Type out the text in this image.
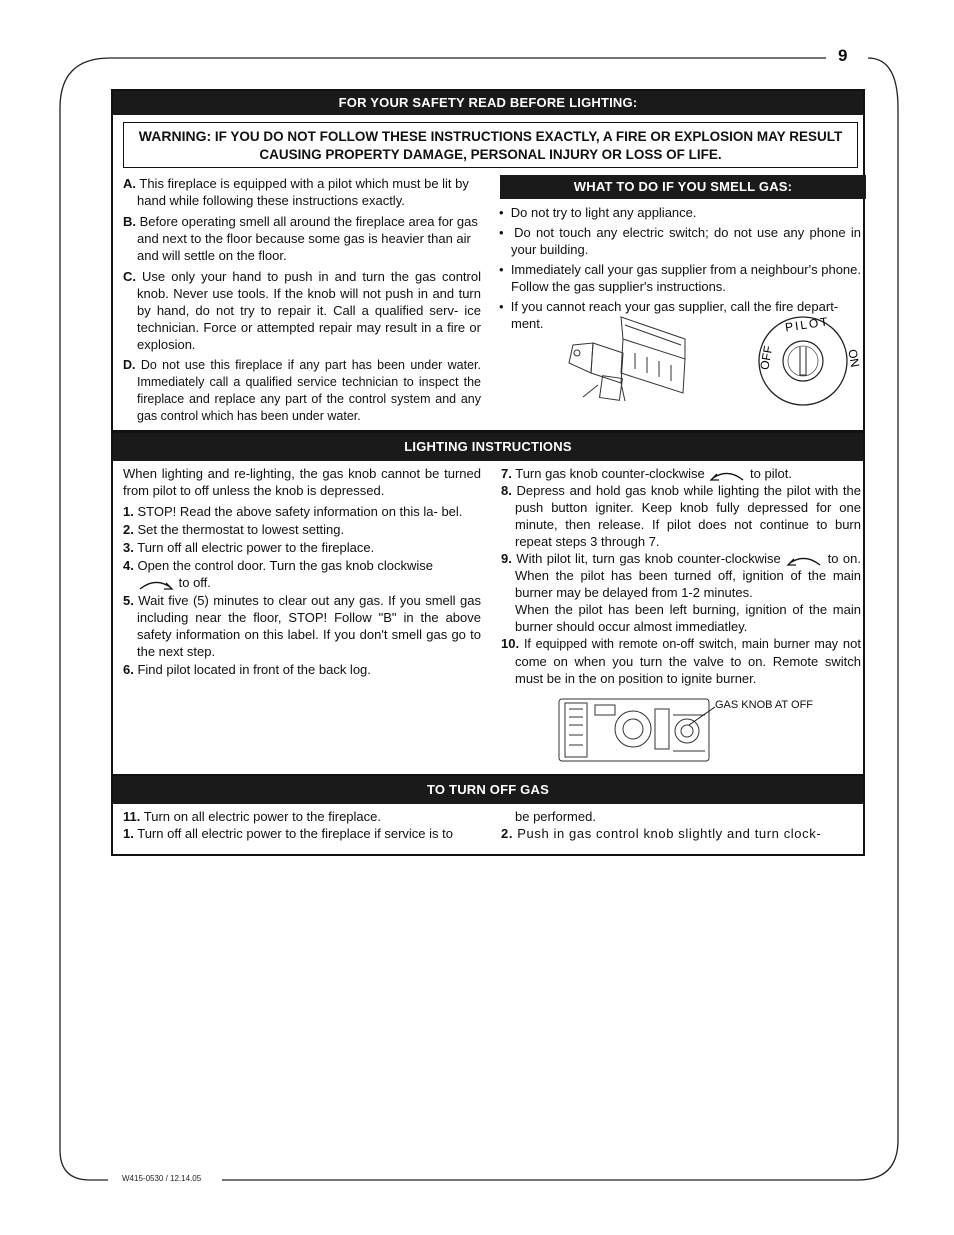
9
W415-0530 / 12.14.05
FOR YOUR SAFETY READ BEFORE LIGHTING:
WARNING: IF YOU DO NOT FOLLOW THESE INSTRUCTIONS EXACTLY, A FIRE OR EXPLOSION MAY RESULT CAUSING PROPERTY DAMAGE, PERSONAL INJURY OR LOSS OF LIFE.

A. This fireplace is equipped with a pilot which must be lit by hand while following these instructions exactly.

B. Before operating smell all around the fireplace area for gas and next to the floor because some gas is heavier than air and will settle on the floor.

C. Use only your hand to push in and turn the gas control knob. Never use tools. If the knob will not push in and turn by hand, do not try to repair it. Call a qualified serv- ice technician. Force or attempted repair may result in a fire or explosion.

D. Do not use this fireplace if any part has been under water. Immediately call a qualified service technician to inspect the fireplace and replace any part of the control system and any gas control which has been under water.

WHAT TO DO IF YOU SMELL GAS:

•  Do not try to light any appliance.

•  Do not touch any electric switch; do not use any phone in your building.

•  Immediately call your gas supplier from a neighbour's phone. Follow the gas supplier's instructions.

•  If you cannot reach your gas supplier, call the fire depart- ment.

OFF
PILOT
ON
LIGHTING INSTRUCTIONS

When lighting and re-lighting, the gas knob cannot be turned from pilot to off unless the knob is depressed.

1. STOP! Read the above safety information on this la- bel.

2. Set the thermostat to lowest setting.

3. Turn off all electric power to the fireplace.

4. Open the control door. Turn the gas knob clockwise
to off.

5. Wait five (5) minutes to clear out any gas. If you smell gas including near the floor, STOP! Follow "B" in the above safety information on this label. If you don't smell gas go to the next step.

6. Find pilot located in front of the back log.

7. Turn gas knob counter-clockwise	to pilot.

8. Depress and hold gas knob while lighting the pilot with the push button igniter. Keep knob fully depressed for one minute, then release. If pilot does not continue to burn repeat steps 3 through 7.

9. With pilot lit, turn gas knob counter-clockwise	to on. When the pilot has been turned off, ignition of the main burner may be delayed from 1-2 minutes.
When the pilot has been left burning, ignition of the main burner should occur almost immediatley.

10. If equipped with remote on-off switch, main burner may not come on when you turn the valve to on. Remote switch must be in the on position to ignite burner.

GAS KNOB AT OFF
TO TURN OFF GAS

11. Turn on all electric power to the fireplace.

1. Turn off all electric power to the fireplace if service is to

be performed.

2. Push in gas control knob slightly and turn clock-
